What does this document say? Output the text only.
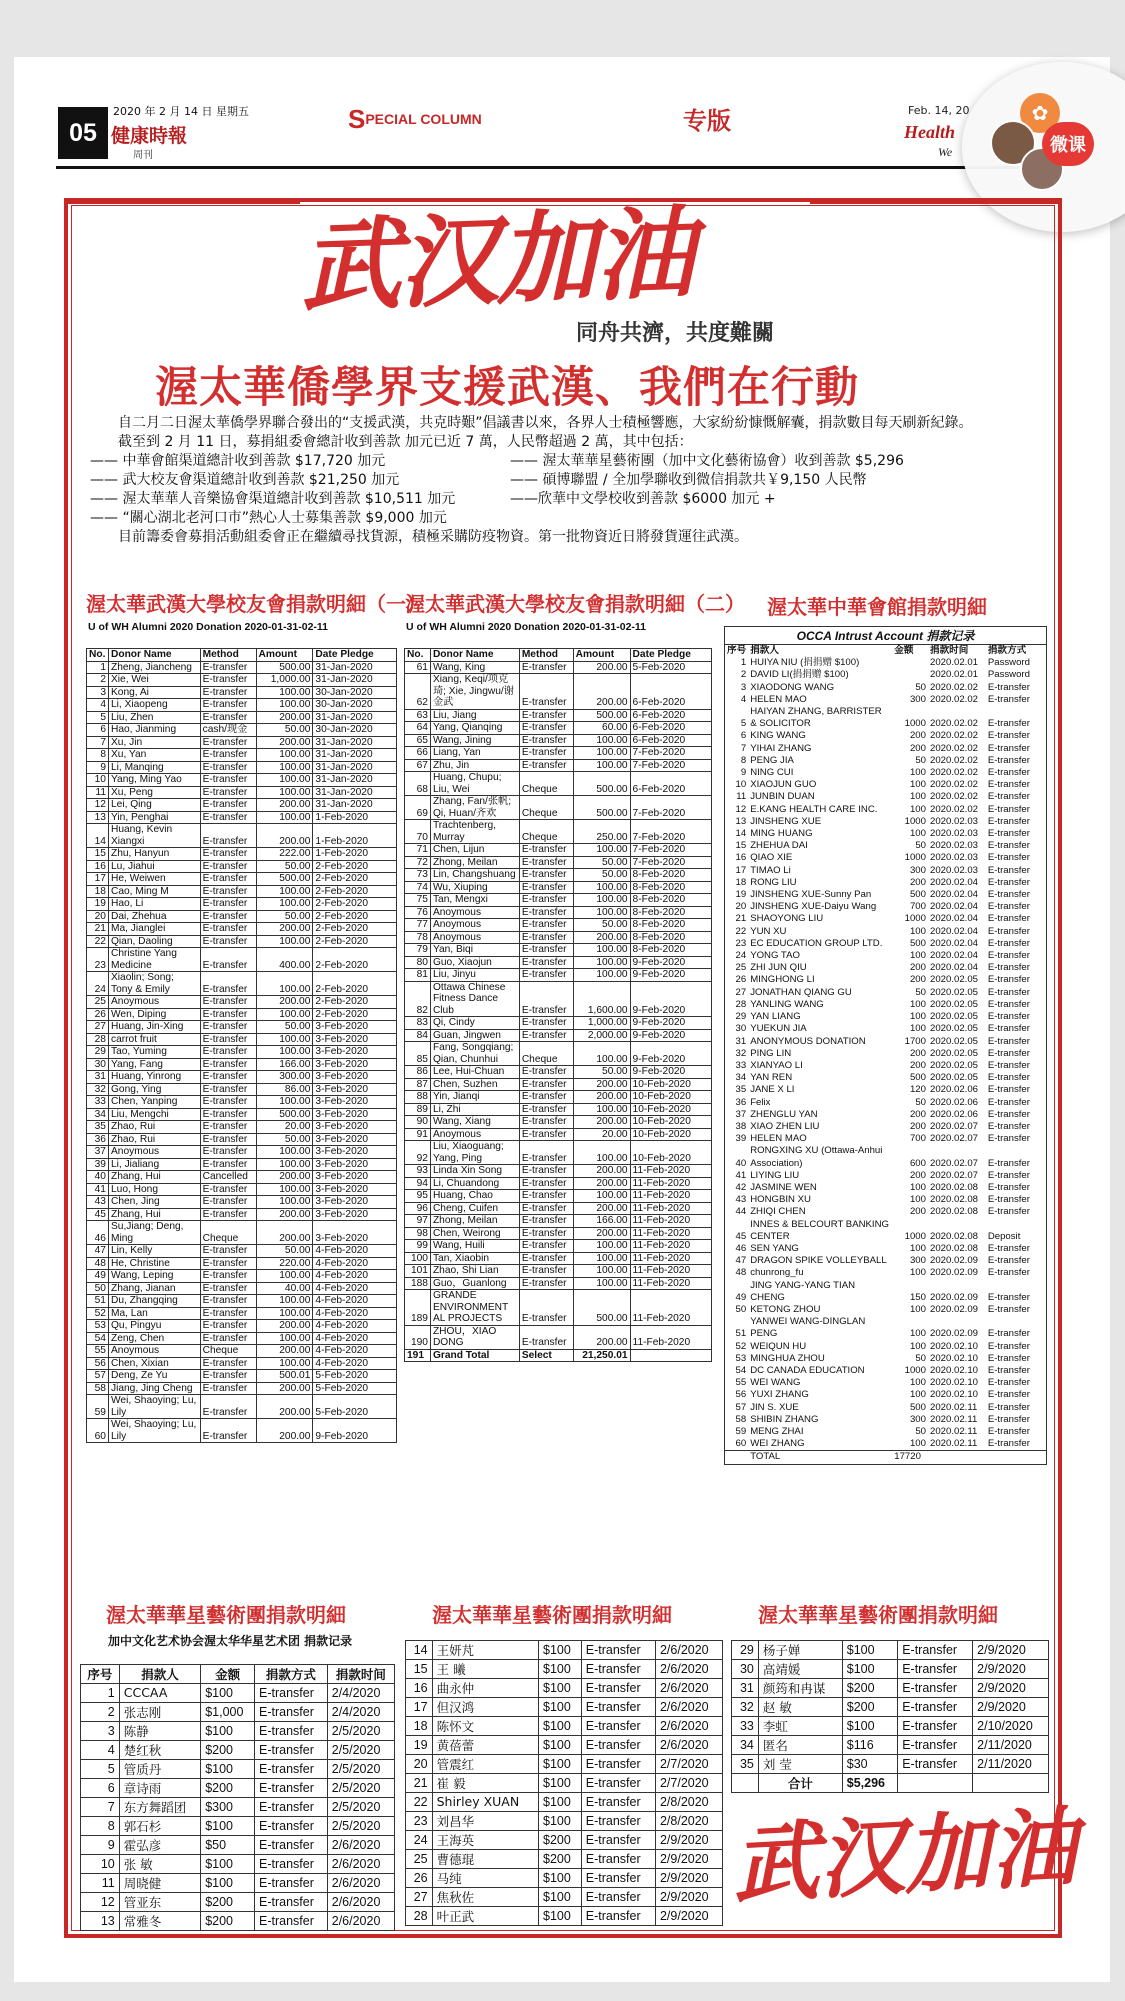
05
2020 年 2 月 14 日 星期五
健康時報
周刊
SPECIAL COLUMN	专版	Feb. 14, 20
Health
We
✿
微课
武汉加油
同舟共濟，共度難關
渥太華僑學界支援武漢、我們在行動

自二月二日渥太華僑學界聯合發出的“支援武漢，共克時艱”倡議書以來，各界人士積極響應，大家紛紛慷慨解囊，捐款數目每天刷新紀錄。

截至到 2 月 11 日，募捐組委會總計收到善款 加元已近 7 萬，人民幣超過 2 萬，其中包括：

—— 中華會館渠道總計收到善款 $17,720 加元	—— 渥太華華星藝術團（加中文化藝術協會）收到善款 $5,296
—— 武大校友會渠道總計收到善款 $21,250 加元	—— 碩博聯盟 / 全加學聯收到微信捐款共￥9,150 人民幣
—— 渥太華華人音樂協會渠道總計收到善款 $10,511 加元	——欣華中文學校收到善款 $6000 加元 +

—— “關心湖北老河口市”熱心人士募集善款 $9,000 加元

目前籌委會募捐活動組委會正在繼續尋找貨源，積極采購防疫物資。第一批物資近日將發貨運往武漢。

渥太華武漢大學校友會捐款明細（一）
渥太華武漢大學校友會捐款明細（二） 渥太華中華會館捐款明細
U of WH Alumni 2020 Donation 2020-01-31-02-11	U of WH Alumni 2020 Donation 2020-01-31-02-11
No.	Donor Name	Method	Amount	Date Pledge
1	Zheng, Jiancheng	E-transfer	500.00	31-Jan-2020
2	Xie, Wei	E-transfer	1,000.00	31-Jan-2020
3	Kong, Ai	E-transfer	100.00	30-Jan-2020
4	Li, Xiaopeng	E-transfer	100.00	30-Jan-2020
5	Liu, Zhen	E-transfer	200.00	31-Jan-2020
6	Hao, Jianming	cash/现金	50.00	30-Jan-2020
7	Xu, Jin	E-transfer	200.00	31-Jan-2020
8	Xu, Yan	E-transfer	100.00	31-Jan-2020
9	Li, Manqing	E-transfer	100.00	31-Jan-2020
10	Yang, Ming Yao	E-transfer	100.00	31-Jan-2020
11	Xu, Peng	E-transfer	100.00	31-Jan-2020
12	Lei, Qing	E-transfer	200.00	31-Jan-2020
13	Yin, Penghai	E-transfer	100.00	1-Feb-2020
14	Huang, Kevin Xiangxi	E-transfer	200.00	1-Feb-2020
15	Zhu, Hanyun	E-transfer	222.00	1-Feb-2020
16	Lu, Jiahui	E-transfer	50.00	2-Feb-2020
17	He, Weiwen	E-transfer	500.00	2-Feb-2020
18	Cao, Ming M	E-transfer	100.00	2-Feb-2020
19	Hao, Li	E-transfer	100.00	2-Feb-2020
20	Dai, Zhehua	E-transfer	50.00	2-Feb-2020
21	Ma, Jianglei	E-transfer	200.00	2-Feb-2020
22	Qian, Daoling	E-transfer	100.00	2-Feb-2020
23	Christine Yang Medicine	E-transfer	400.00	2-Feb-2020
24	Xiaolin; Song; Tony & Emily	E-transfer	100.00	2-Feb-2020
25	Anoymous	E-transfer	200.00	2-Feb-2020
26	Wen, Diping	E-transfer	100.00	2-Feb-2020
27	Huang, Jin-Xing	E-transfer	50.00	3-Feb-2020
28	carrot fruit	E-transfer	100.00	3-Feb-2020
29	Tao, Yuming	E-transfer	100.00	3-Feb-2020
30	Yang, Fang	E-transfer	166.00	3-Feb-2020
31	Huang, Yinrong	E-transfer	300.00	3-Feb-2020
32	Gong, Ying	E-transfer	86.00	3-Feb-2020
33	Chen, Yanping	E-transfer	100.00	3-Feb-2020
34	Liu, Mengchi	E-transfer	500.00	3-Feb-2020
35	Zhao, Rui	E-transfer	20.00	3-Feb-2020
36	Zhao, Rui	E-transfer	50.00	3-Feb-2020
37	Anoymous	E-transfer	100.00	3-Feb-2020
39	Li, Jialiang	E-transfer	100.00	3-Feb-2020
40	Zhang, Hui	Cancelled	200.00	3-Feb-2020
41	Luo, Hong	E-transfer	100.00	3-Feb-2020
43	Chen, Jing	E-transfer	100.00	3-Feb-2020
45	Zhang, Hui	E-transfer	200.00	3-Feb-2020
46	Su,Jiang; Deng, Ming	Cheque	200.00	3-Feb-2020
47	Lin, Kelly	E-transfer	50.00	4-Feb-2020
48	He, Christine	E-transfer	220.00	4-Feb-2020
49	Wang, Leping	E-transfer	100.00	4-Feb-2020
50	Zhang, Jianan	E-transfer	40.00	4-Feb-2020
51	Du, Zhangqing	E-transfer	100.00	4-Feb-2020
52	Ma, Lan	E-transfer	100.00	4-Feb-2020
53	Qu, Pingyu	E-transfer	200.00	4-Feb-2020
54	Zeng, Chen	E-transfer	100.00	4-Feb-2020
55	Anoymous	Cheque	200.00	4-Feb-2020
56	Chen, Xixian	E-transfer	100.00	4-Feb-2020
57	Deng, Ze Yu	E-transfer	500.01	5-Feb-2020
58	Jiang, Jing Cheng	E-transfer	200.00	5-Feb-2020
59	Wei, Shaoying; Lu, Lily	E-transfer	200.00	5-Feb-2020
60	Wei, Shaoying; Lu, Lily	E-transfer	200.00	9-Feb-2020
No.	Donor Name	Method	Amount	Date Pledge
61	Wang, King	E-transfer	200.00	5-Feb-2020
62	Xiang, Keqi/项克琦; Xie, Jingwu/谢金武	E-transfer	200.00	6-Feb-2020
63	Liu, Jiang	E-transfer	500.00	6-Feb-2020
64	Yang, Qianqing	E-transfer	60.00	6-Feb-2020
65	Wang, Jining	E-transfer	100.00	6-Feb-2020
66	Liang, Yan	E-transfer	100.00	7-Feb-2020
67	Zhu, Jin	E-transfer	100.00	7-Feb-2020
68	Huang, Chupu; Liu, Wei	Cheque	500.00	6-Feb-2020
69	Zhang, Fan/张帆; Qi, Huan/齐欢	Cheque	500.00	7-Feb-2020
70	Trachtenberg, Murray	Cheque	250.00	7-Feb-2020
71	Chen, Lijun	E-transfer	100.00	7-Feb-2020
72	Zhong, Meilan	E-transfer	50.00	7-Feb-2020
73	Lin, Changshuang	E-transfer	50.00	8-Feb-2020
74	Wu, Xiuping	E-transfer	100.00	8-Feb-2020
75	Tan, Mengxi	E-transfer	100.00	8-Feb-2020
76	Anoymous	E-transfer	100.00	8-Feb-2020
77	Anoymous	E-transfer	50.00	8-Feb-2020
78	Anoymous	E-transfer	200.00	8-Feb-2020
79	Yan, Biqi	E-transfer	100.00	8-Feb-2020
80	Guo, Xiaojun	E-transfer	100.00	9-Feb-2020
81	Liu, Jinyu	E-transfer	100.00	9-Feb-2020
82	Ottawa Chinese Fitness Dance Club	E-transfer	1,600.00	9-Feb-2020
83	Qi, Cindy	E-transfer	1,000.00	9-Feb-2020
84	Guan, Jingwen	E-transfer	2,000.00	9-Feb-2020
85	Fang, Songqiang; Qian, Chunhui	Cheque	100.00	9-Feb-2020
86	Lee, Hui-Chuan	E-transfer	50.00	9-Feb-2020
87	Chen, Suzhen	E-transfer	200.00	10-Feb-2020
88	Yin, Jianqi	E-transfer	200.00	10-Feb-2020
89	Li, Zhi	E-transfer	100.00	10-Feb-2020
90	Wang, Xiang	E-transfer	200.00	10-Feb-2020
91	Anoymous	E-transfer	20.00	10-Feb-2020
92	Liu, Xiaoguang; Yang, Ping	E-transfer	100.00	10-Feb-2020
93	Linda Xin Song	E-transfer	200.00	11-Feb-2020
94	Li, Chuandong	E-transfer	200.00	11-Feb-2020
95	Huang, Chao	E-transfer	100.00	11-Feb-2020
96	Cheng, Cuifen	E-transfer	200.00	11-Feb-2020
97	Zhong, Meilan	E-transfer	166.00	11-Feb-2020
98	Chen, Weirong	E-transfer	200.00	11-Feb-2020
99	Wang, Huili	E-transfer	100.00	11-Feb-2020
100	Tan, Xiaobin	E-transfer	100.00	11-Feb-2020
101	Zhao, Shi Lian	E-transfer	100.00	11-Feb-2020
188	Guo，Guanlong	E-transfer	100.00	11-Feb-2020
189	GRANDE ENVIRONMENT AL PROJECTS	E-transfer	500.00	11-Feb-2020
190	ZHOU，XIAO DONG	E-transfer	200.00	11-Feb-2020
191	Grand Total	Select	21,250.01	
OCCA Intrust Account 捐款记录				
序号	捐款人	金额	捐款时间	捐款方式
1	HUIYA NIU (捐捐赠 $100)		2020.02.01	Password
2	DAVID LI(捐捐赠 $100)		2020.02.01	Password
3	XIAODONG WANG	50	2020.02.02	E-transfer
4	HELEN MAO	300	2020.02.02	E-transfer
5	HAIYAN ZHANG, BARRISTER & SOLICITOR	1000	2020.02.02	E-transfer
6	KING WANG	200	2020.02.02	E-transfer
7	YIHAI ZHANG	200	2020.02.02	E-transfer
8	PENG JIA	50	2020.02.02	E-transfer
9	NING CUI	100	2020.02.02	E-transfer
10	XIAOJUN GUO	100	2020.02.02	E-transfer
11	JUNBIN DUAN	100	2020.02.02	E-transfer
12	E.KANG HEALTH CARE INC.	100	2020.02.02	E-transfer
13	JINSHENG XUE	1000	2020.02.03	E-transfer
14	MING HUANG	100	2020.02.03	E-transfer
15	ZHEHUA DAI	50	2020.02.03	E-transfer
16	QIAO XIE	1000	2020.02.03	E-transfer
17	TIMAO Li	300	2020.02.03	E-transfer
18	RONG LIU	200	2020.02.04	E-transfer
19	JINSHENG XUE-Sunny Pan	500	2020.02.04	E-transfer
20	JINSHENG XUE-Daiyu Wang	700	2020.02.04	E-transfer
21	SHAOYONG LIU	1000	2020.02.04	E-transfer
22	YUN XU	100	2020.02.04	E-transfer
23	EC EDUCATION GROUP LTD.	500	2020.02.04	E-transfer
24	YONG TAO	100	2020.02.04	E-transfer
25	ZHI JUN QIU	200	2020.02.04	E-transfer
26	MINGHONG LI	200	2020.02.05	E-transfer
27	JONATHAN QIANG GU	50	2020.02.05	E-transfer
28	YANLING WANG	100	2020.02.05	E-transfer
29	YAN LIANG	100	2020.02.05	E-transfer
30	YUEKUN JIA	100	2020.02.05	E-transfer
31	ANONYMOUS DONATION	1700	2020.02.05	E-transfer
32	PING LIN	200	2020.02.05	E-transfer
33	XIANYAO LI	200	2020.02.05	E-transfer
34	YAN REN	500	2020.02.05	E-transfer
35	JANE X LI	120	2020.02.06	E-transfer
36	Felix	50	2020.02.06	E-transfer
37	ZHENGLU YAN	200	2020.02.06	E-transfer
38	XIAO ZHEN LIU	200	2020.02.07	E-transfer
39	HELEN MAO	700	2020.02.07	E-transfer
40	RONGXING XU (Ottawa-Anhui Association)	600	2020.02.07	E-transfer
41	LIYING LIU	200	2020.02.07	E-transfer
42	JASMINE WEN	100	2020.02.08	E-transfer
43	HONGBIN XU	100	2020.02.08	E-transfer
44	ZHIQI CHEN	200	2020.02.08	E-transfer
45	INNES & BELCOURT BANKING CENTER	1000	2020.02.08	Deposit
46	SEN YANG	100	2020.02.08	E-transfer
47	DRAGON SPIKE VOLLEYBALL	300	2020.02.09	E-transfer
48	chunrong_fu	100	2020.02.09	E-transfer
49	JING YANG-YANG TIAN CHENG	150	2020.02.09	E-transfer
50	KETONG ZHOU	100	2020.02.09	E-transfer
51	YANWEI WANG-DINGLAN PENG	100	2020.02.09	E-transfer
52	WEIQUN HU	100	2020.02.10	E-transfer
53	MINGHUA ZHOU	50	2020.02.10	E-transfer
54	DC CANADA EDUCATION	1000	2020.02.10	E-transfer
55	WEI WANG	100	2020.02.10	E-transfer
56	YUXI ZHANG	100	2020.02.10	E-transfer
57	JIN S. XUE	500	2020.02.11	E-transfer
58	SHIBIN ZHANG	300	2020.02.11	E-transfer
59	MENG ZHAI	50	2020.02.11	E-transfer
60	WEI ZHANG	100	2020.02.11	E-transfer
	TOTAL	17720		
渥太華華星藝術團捐款明細	渥太華華星藝術團捐款明細	渥太華華星藝術團捐款明細
加中文化艺术协会渥太华华星艺术团 捐款记录
序号	捐款人	金额	捐款方式	捐款时间
1	CCCAA	$100	E-transfer	2/4/2020
2	张志刚	$1,000	E-transfer	2/4/2020
3	陈静	$100	E-transfer	2/5/2020
4	楚红秋	$200	E-transfer	2/5/2020
5	管质丹	$100	E-transfer	2/5/2020
6	章诗雨	$200	E-transfer	2/5/2020
7	东方舞蹈团	$300	E-transfer	2/5/2020
8	郭石杉	$100	E-transfer	2/5/2020
9	霍弘彦	$50	E-transfer	2/6/2020
10	张 敏	$100	E-transfer	2/6/2020
11	周晓健	$100	E-transfer	2/6/2020
12	管亚东	$200	E-transfer	2/6/2020
13	常雅冬	$200	E-transfer	2/6/2020
14	王妍芃	$100	E-transfer	2/6/2020
15	王 曦	$100	E-transfer	2/6/2020
16	曲永仲	$100	E-transfer	2/6/2020
17	但汉鸿	$100	E-transfer	2/6/2020
18	陈怀文	$100	E-transfer	2/6/2020
19	黄蓓蕾	$100	E-transfer	2/6/2020
20	管震红	$100	E-transfer	2/7/2020
21	崔 毅	$100	E-transfer	2/7/2020
22	Shirley XUAN	$100	E-transfer	2/8/2020
23	刘昌华	$100	E-transfer	2/8/2020
24	王海英	$200	E-transfer	2/9/2020
25	曹德琨	$200	E-transfer	2/9/2020
26	马纯	$100	E-transfer	2/9/2020
27	焦秋佐	$100	E-transfer	2/9/2020
28	叶正武	$100	E-transfer	2/9/2020
29	杨子婵	$100	E-transfer	2/9/2020
30	高靖媛	$100	E-transfer	2/9/2020
31	颜筠和冉谋	$200	E-transfer	2/9/2020
32	赵 敏	$200	E-transfer	2/9/2020
33	李虹	$100	E-transfer	2/10/2020
34	匿名	$116	E-transfer	2/11/2020
35	刘 莹	$30	E-transfer	2/11/2020
	合计	$5,296		
武汉加油
